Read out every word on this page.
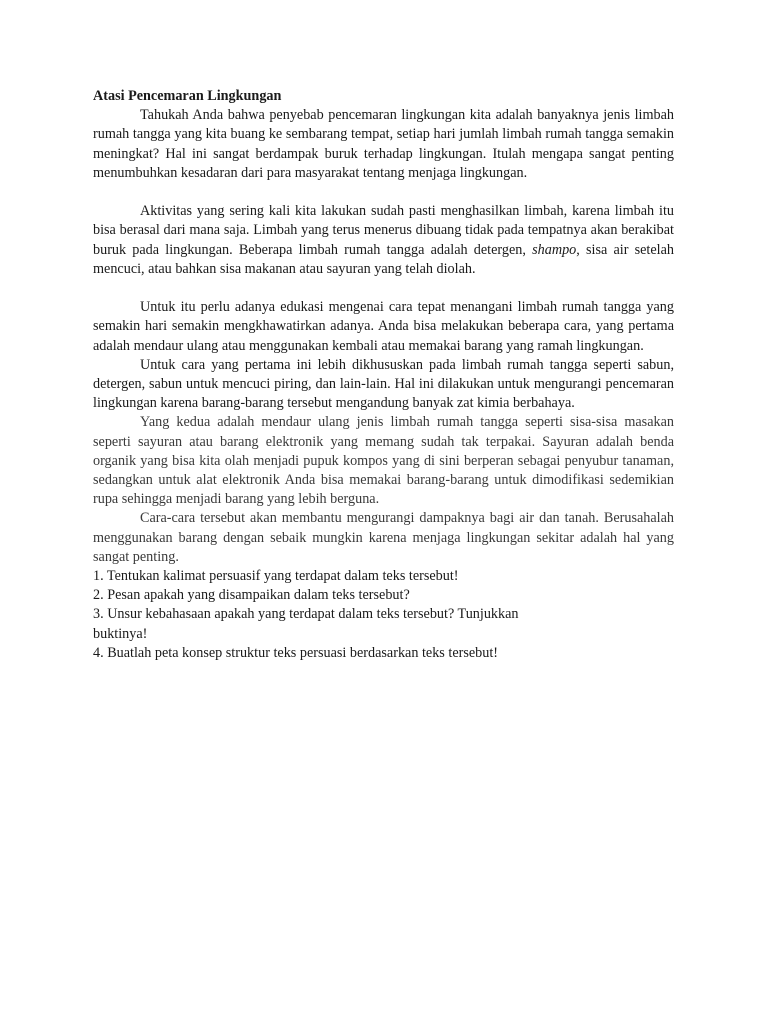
Atasi Pencemaran Lingkungan

Tahukah Anda bahwa penyebab pencemaran lingkungan kita adalah banyaknya jenis limbah rumah tangga yang kita buang ke sembarang tempat, setiap hari jumlah limbah rumah tangga semakin meningkat? Hal ini sangat berdampak buruk terhadap lingkungan. Itulah mengapa sangat penting menumbuhkan kesadaran dari para masyarakat tentang menjaga lingkungan.

Aktivitas yang sering kali kita lakukan sudah pasti menghasilkan limbah, karena limbah itu bisa berasal dari mana saja. Limbah yang terus menerus dibuang tidak pada tempatnya akan berakibat buruk pada lingkungan. Beberapa limbah rumah tangga adalah detergen, shampo, sisa air setelah mencuci, atau bahkan sisa makanan atau sayuran yang telah diolah.

Untuk itu perlu adanya edukasi mengenai cara tepat menangani limbah rumah tangga yang semakin hari semakin mengkhawatirkan adanya. Anda bisa melakukan beberapa cara, yang pertama adalah mendaur ulang atau menggunakan kembali atau memakai barang yang ramah lingkungan.

Untuk cara yang pertama ini lebih dikhususkan pada limbah rumah tangga seperti sabun, detergen, sabun untuk mencuci piring, dan lain-lain. Hal ini dilakukan untuk mengurangi pencemaran lingkungan karena barang-barang tersebut mengandung banyak zat kimia berbahaya.

Yang kedua adalah mendaur ulang jenis limbah rumah tangga seperti sisa-sisa masakan seperti sayuran atau barang elektronik yang memang sudah tak terpakai. Sayuran adalah benda organik yang bisa kita olah menjadi pupuk kompos yang di sini berperan sebagai penyubur tanaman, sedangkan untuk alat elektronik Anda bisa memakai barang-barang untuk dimodifikasi sedemikian rupa sehingga menjadi barang yang lebih berguna.

Cara-cara tersebut akan membantu mengurangi dampaknya bagi air dan tanah. Berusahalah menggunakan barang dengan sebaik mungkin karena menjaga lingkungan sekitar adalah hal yang sangat penting.

1. Tentukan kalimat persuasif yang terdapat dalam teks tersebut!
2. Pesan apakah yang disampaikan dalam teks tersebut?
3. Unsur kebahasaan apakah yang terdapat dalam teks tersebut? Tunjukkan buktinya!
4. Buatlah peta konsep struktur teks persuasi berdasarkan teks tersebut!
